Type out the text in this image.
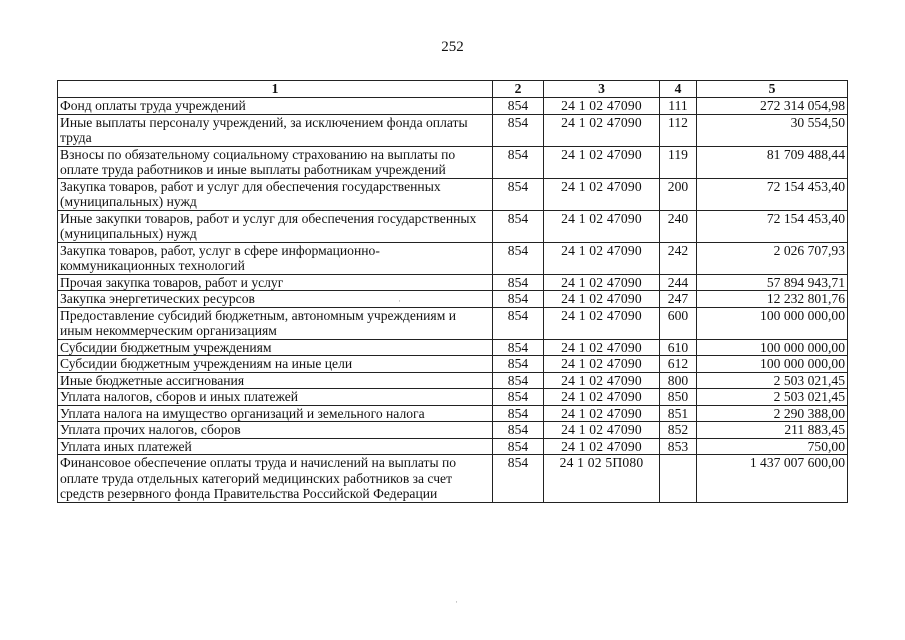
252
1	2	3	4	5
Фонд оплаты труда учреждений	854	24 1 02 47090	111	272 314 054,98
Иные выплаты персоналу учреждений, за исключением фонда оплаты труда	854	24 1 02 47090	112	30 554,50
Взносы по обязательному социальному страхованию на выплаты по оплате труда работников и иные выплаты работникам учреждений	854	24 1 02 47090	119	81 709 488,44
Закупка товаров, работ и услуг для обеспечения государственных (муниципальных) нужд	854	24 1 02 47090	200	72 154 453,40
Иные закупки товаров, работ и услуг для обеспечения государственных (муниципальных) нужд	854	24 1 02 47090	240	72 154 453,40
Закупка товаров, работ, услуг в сфере информационно-коммуникационных технологий	854	24 1 02 47090	242	2 026 707,93
Прочая закупка товаров, работ и услуг	854	24 1 02 47090	244	57 894 943,71
Закупка энергетических ресурсов	854	24 1 02 47090	247	12 232 801,76
Предоставление субсидий бюджетным, автономным учреждениям и иным некоммерческим организациям	854	24 1 02 47090	600	100 000 000,00
Субсидии бюджетным учреждениям	854	24 1 02 47090	610	100 000 000,00
Субсидии бюджетным учреждениям на иные цели	854	24 1 02 47090	612	100 000 000,00
Иные бюджетные ассигнования	854	24 1 02 47090	800	2 503 021,45
Уплата налогов, сборов и иных платежей	854	24 1 02 47090	850	2 503 021,45
Уплата налога на имущество организаций и земельного налога	854	24 1 02 47090	851	2 290 388,00
Уплата прочих налогов, сборов	854	24 1 02 47090	852	211 883,45
Уплата иных платежей	854	24 1 02 47090	853	750,00
Финансовое обеспечение оплаты труда и начислений на выплаты по оплате труда отдельных категорий медицинских работников за счет средств резервного фонда Правительства Российской Федерации	854	24 1 02 5П080		1 437 007 600,00
·
·
